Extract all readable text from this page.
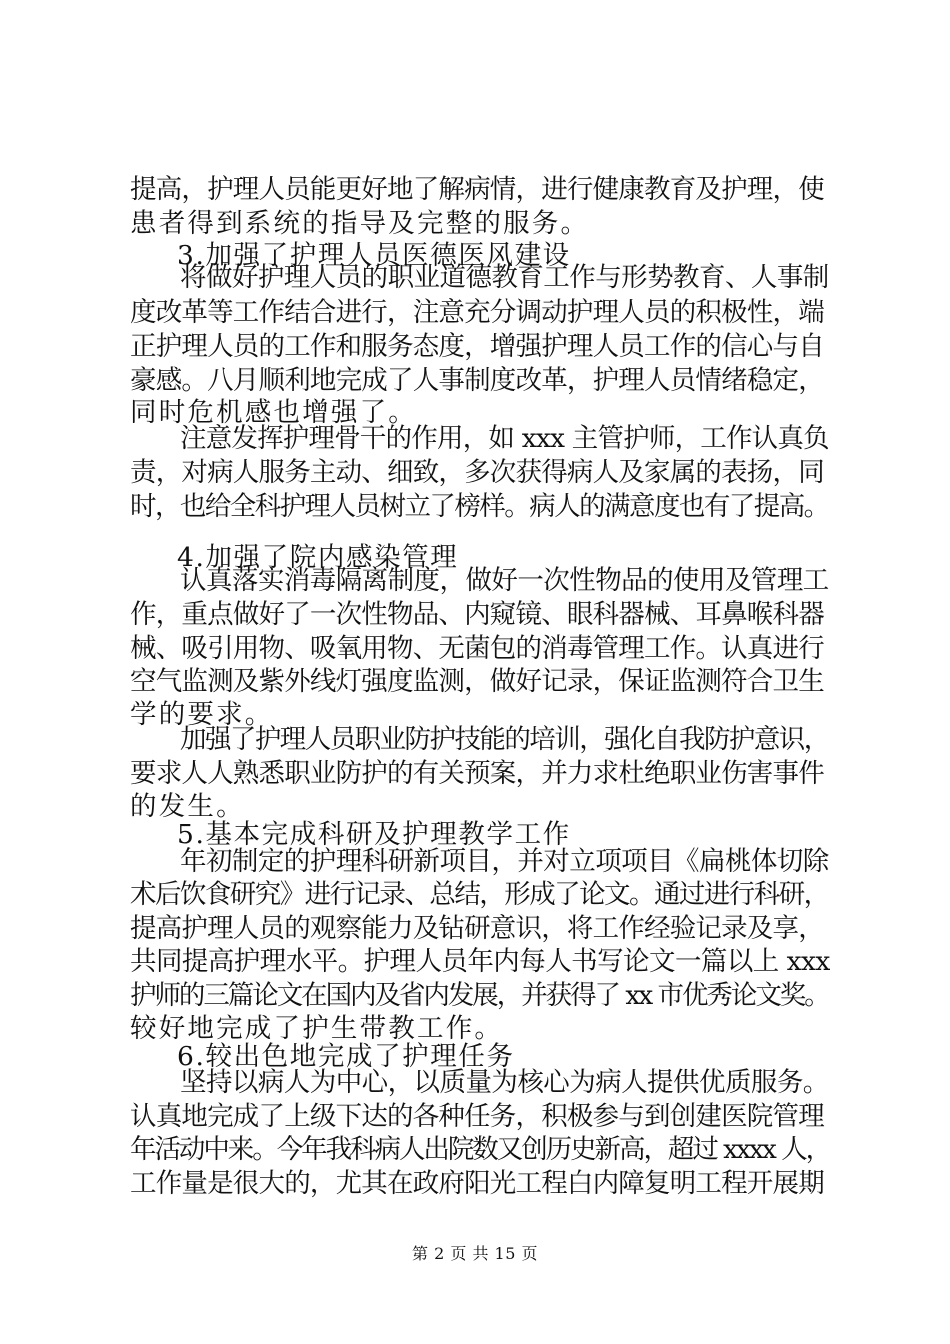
提高，护理人员能更好地了解病情，进行健康教育及护理，使
患者得到系统的指导及完整的服务。
3.加强了护理人员医德医风建设
将做好护理人员的职业道德教育工作与形势教育、人事制
度改革等工作结合进行，注意充分调动护理人员的积极性，端
正护理人员的工作和服务态度，增强护理人员工作的信心与自
豪感。八月顺利地完成了人事制度改革，护理人员情绪稳定，
同时危机感也增强了。
注意发挥护理骨干的作用，如 xxx 主管护师，工作认真负
责，对病人服务主动、细致，多次获得病人及家属的表扬，同
时，也给全科护理人员树立了榜样。病人的满意度也有了提高。
4.加强了院内感染管理
认真落实消毒隔离制度，做好一次性物品的使用及管理工
作，重点做好了一次性物品、内窥镜、眼科器械、耳鼻喉科器
械、吸引用物、吸氧用物、无菌包的消毒管理工作。认真进行
空气监测及紫外线灯强度监测，做好记录，保证监测符合卫生
学的要求。
加强了护理人员职业防护技能的培训，强化自我防护意识，
要求人人熟悉职业防护的有关预案，并力求杜绝职业伤害事件
的发生。
5.基本完成科研及护理教学工作
年初制定的护理科研新项目，并对立项项目《扁桃体切除
术后饮食研究》进行记录、总结，形成了论文。通过进行科研，
提高护理人员的观察能力及钻研意识，将工作经验记录及享，
共同提高护理水平。护理人员年内每人书写论文一篇以上 xxx
护师的三篇论文在国内及省内发展，并获得了 xx 市优秀论文奖。
较好地完成了护生带教工作。
6.较出色地完成了护理任务
坚持以病人为中心，以质量为核心为病人提供优质服务。
认真地完成了上级下达的各种任务，积极参与到创建医院管理
年活动中来。今年我科病人出院数又创历史新高，超过 xxxx 人，
工作量是很大的，尤其在政府阳光工程白内障复明工程开展期
第 2 页 共 15 页
